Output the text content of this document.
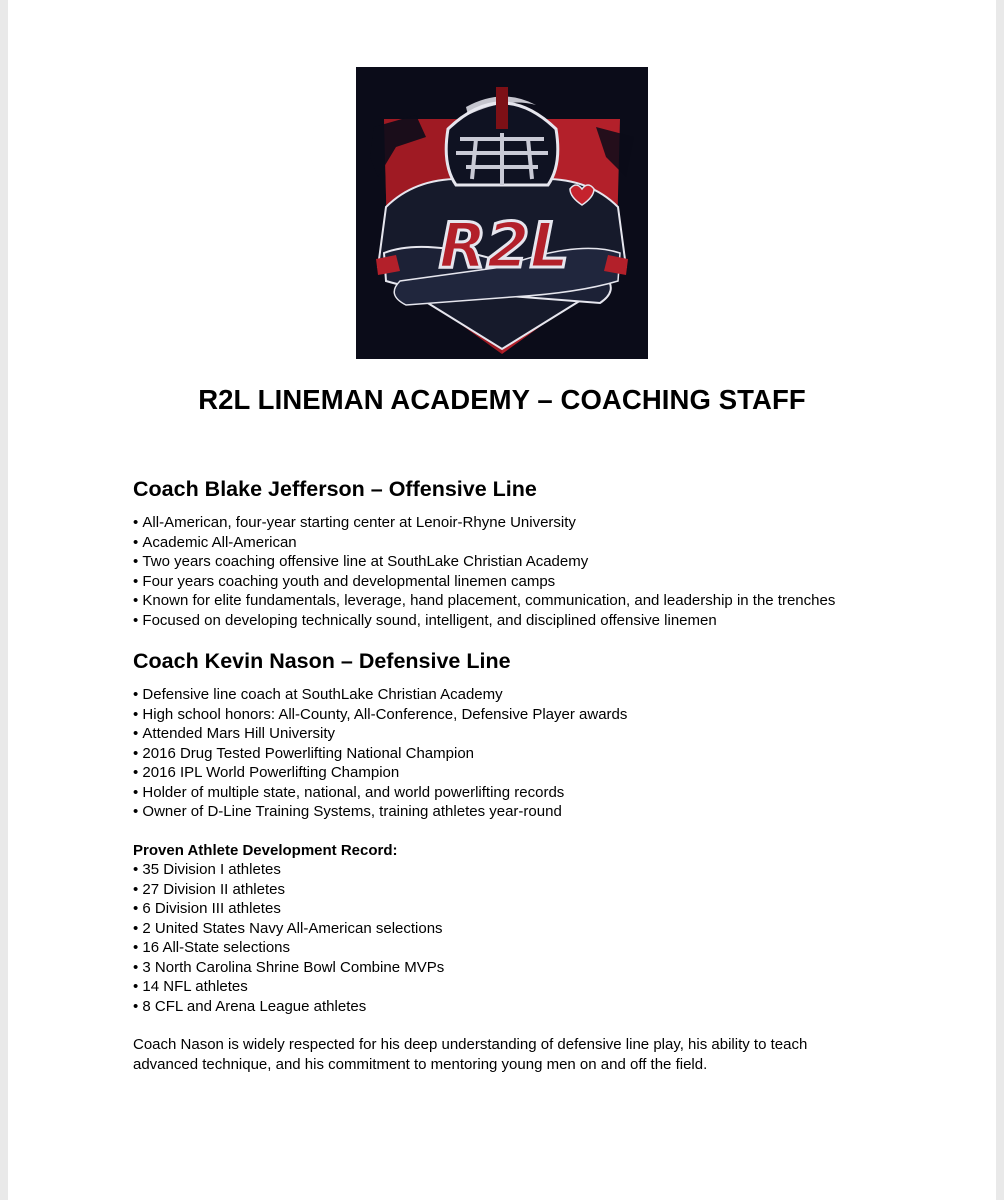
R2L
R2L LINEMAN ACADEMY – COACHING STAFF
Coach Blake Jefferson – Offensive Line
• All-American, four-year starting center at Lenoir-Rhyne University
• Academic All-American
• Two years coaching offensive line at SouthLake Christian Academy
• Four years coaching youth and developmental linemen camps
• Known for elite fundamentals, leverage, hand placement, communication, and leadership in the trenches
• Focused on developing technically sound, intelligent, and disciplined offensive linemen
Coach Kevin Nason – Defensive Line
• Defensive line coach at SouthLake Christian Academy
• High school honors: All-County, All-Conference, Defensive Player awards
• Attended Mars Hill University
• 2016 Drug Tested Powerlifting National Champion
• 2016 IPL World Powerlifting Champion
• Holder of multiple state, national, and world powerlifting records
• Owner of D-Line Training Systems, training athletes year-round
Proven Athlete Development Record:
• 35 Division I athletes
• 27 Division II athletes
• 6 Division III athletes
• 2 United States Navy All-American selections
• 16 All-State selections
• 3 North Carolina Shrine Bowl Combine MVPs
• 14 NFL athletes
• 8 CFL and Arena League athletes

Coach Nason is widely respected for his deep understanding of defensive line play, his ability to teach advanced technique, and his commitment to mentoring young men on and off the field.
